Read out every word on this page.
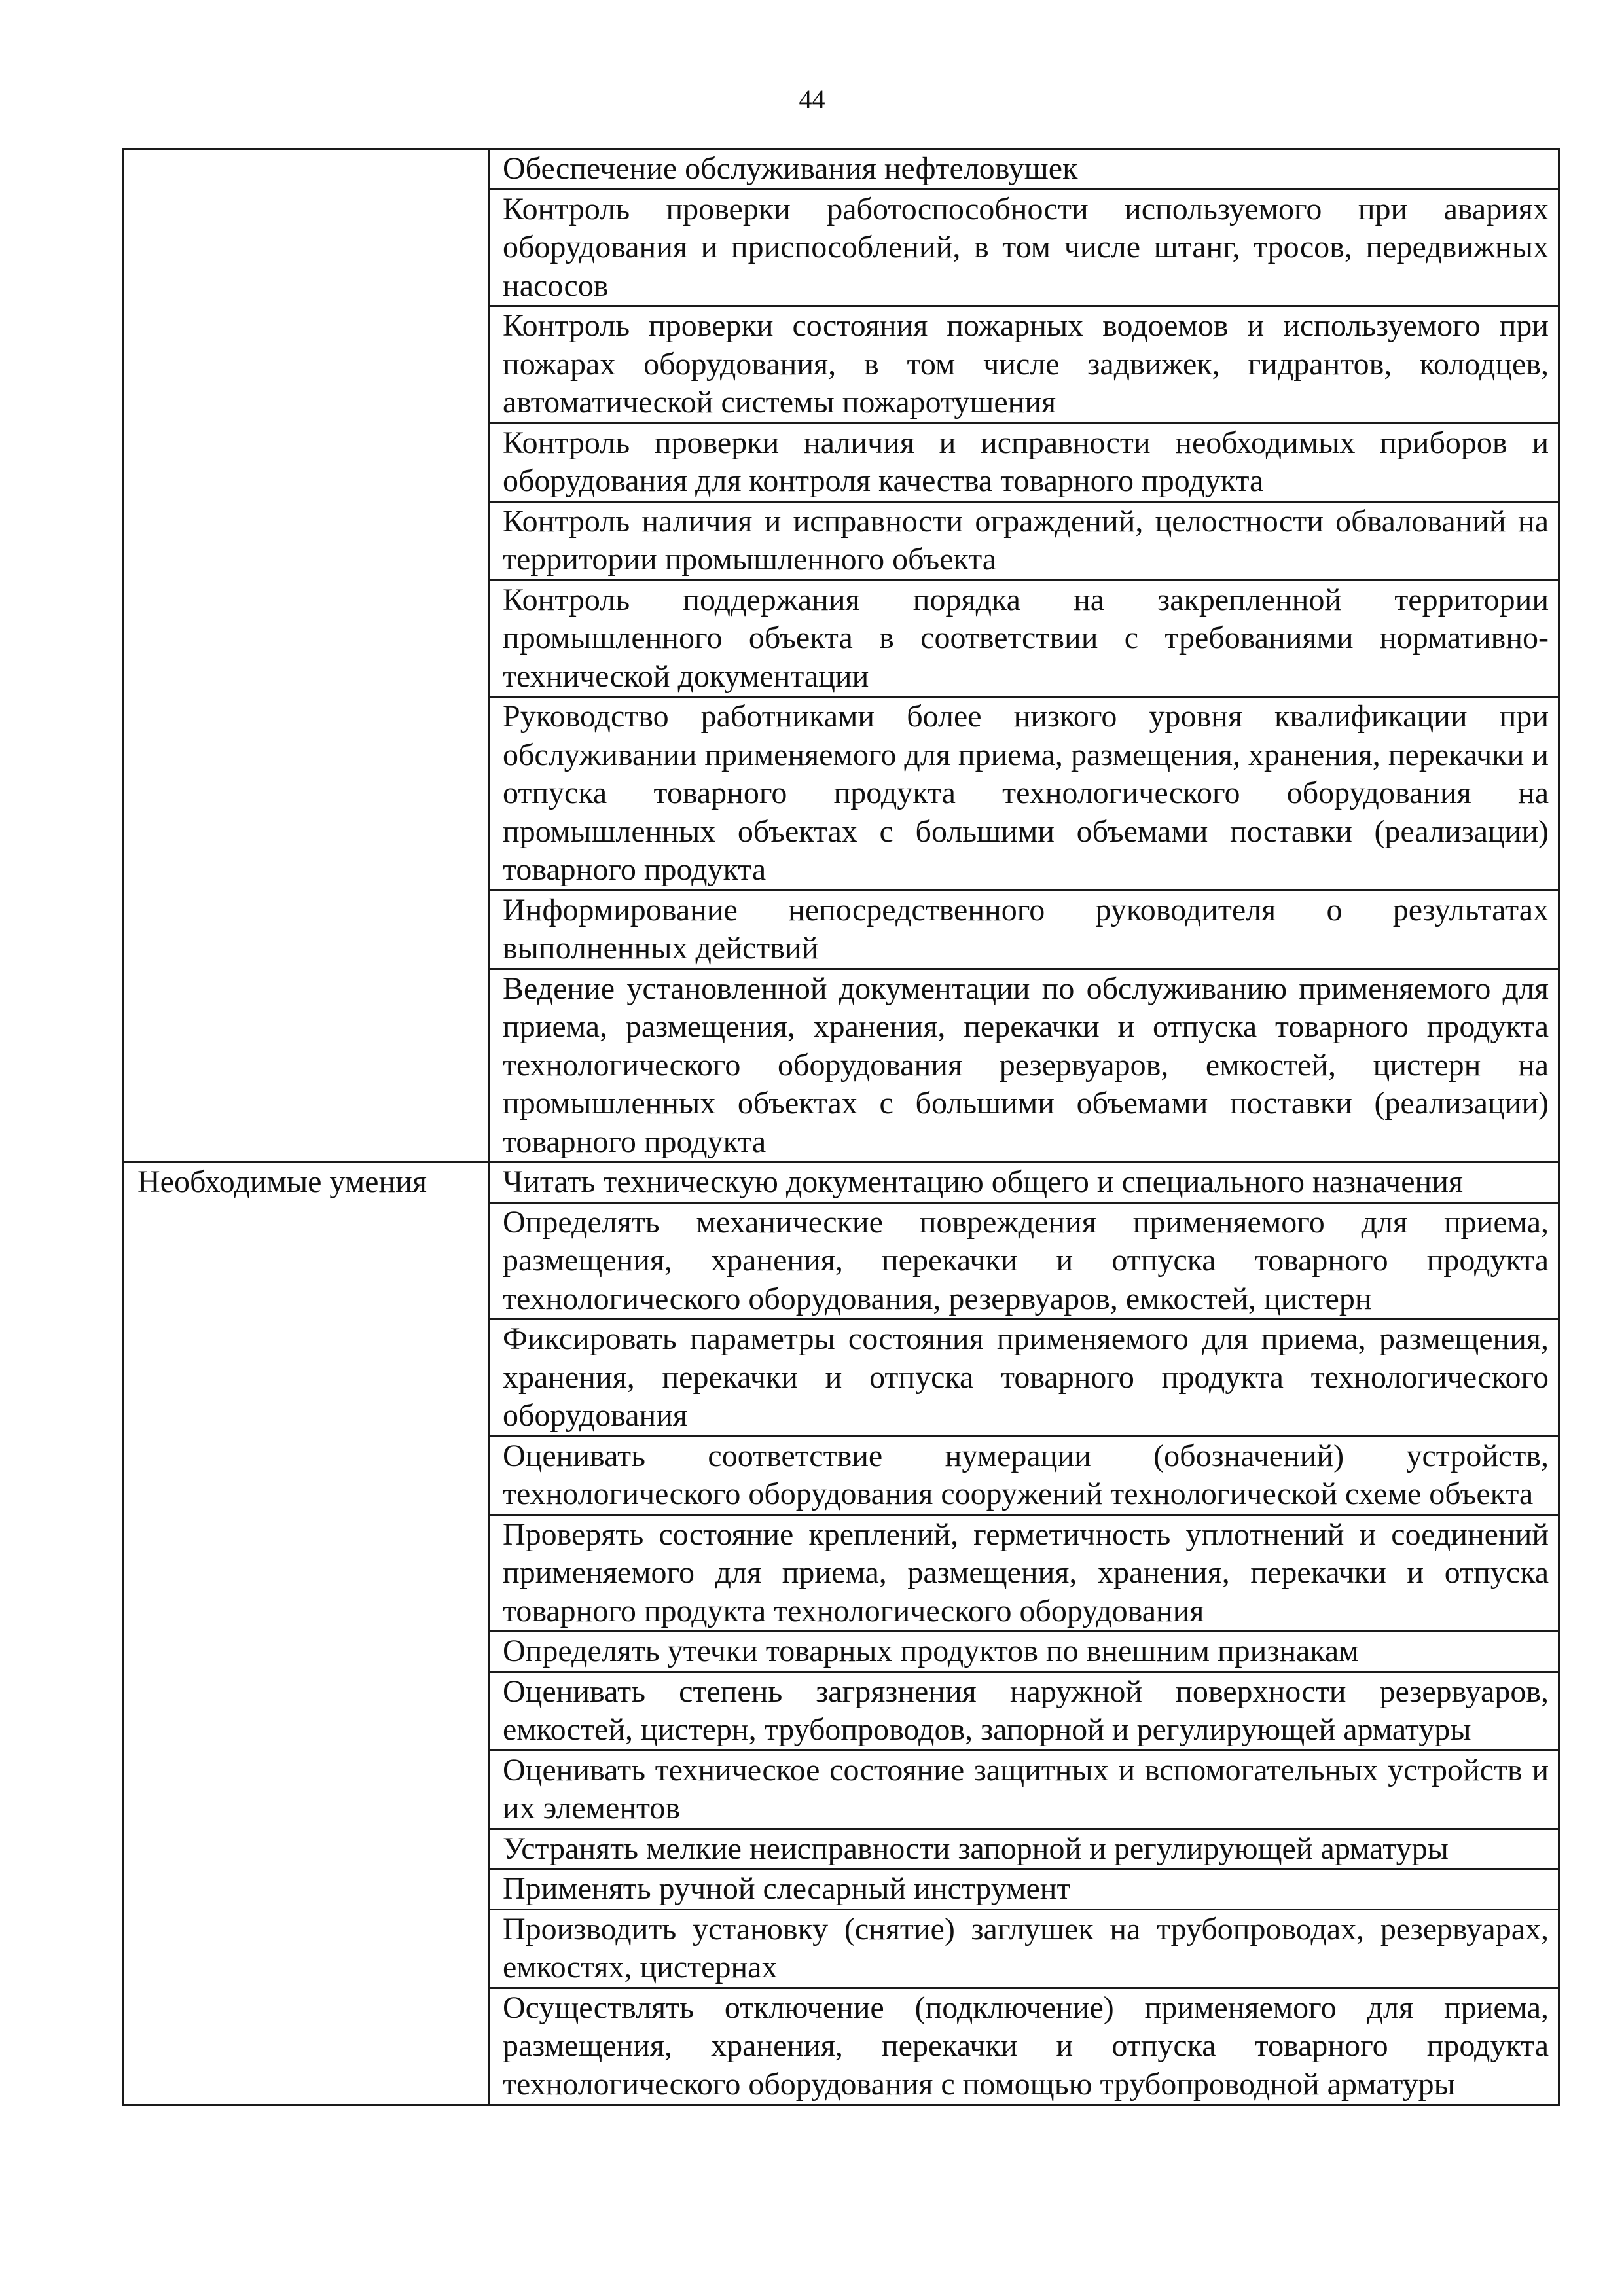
44
	Обеспечение обслуживания нефтеловушек
	Контроль проверки работоспособности используемого при авариях оборудования и приспособлений, в том числе штанг, тросов, передвижных насосов
	Контроль проверки состояния пожарных водоемов и используемого при пожарах оборудования, в том числе задвижек, гидрантов, колодцев, автоматической системы пожаротушения
	Контроль проверки наличия и исправности необходимых приборов и оборудования для контроля качества товарного продукта
	Контроль наличия и исправности ограждений, целостности обвалований на территории промышленного объекта
	Контроль поддержания порядка на закрепленной территории промышленного объекта в соответствии с требованиями нормативно-технической документации
	Руководство работниками более низкого уровня квалификации при обслуживании применяемого для приема, размещения, хранения, перекачки и отпуска товарного продукта технологического оборудования на промышленных объектах с большими объемами поставки (реализации) товарного продукта
	Информирование непосредственного руководителя о результатах выполненных действий
	Ведение установленной документации по обслуживанию применяемого для приема, размещения, хранения, перекачки и отпуска товарного продукта технологического оборудования резервуаров, емкостей, цистерн на промышленных объектах с большими объемами поставки (реализации) товарного продукта
Необходимые умения	Читать техническую документацию общего и специального назначения
	Определять механические повреждения применяемого для приема, размещения, хранения, перекачки и отпуска товарного продукта технологического оборудования, резервуаров, емкостей, цистерн
	Фиксировать параметры состояния применяемого для приема, размещения, хранения, перекачки и отпуска товарного продукта технологического оборудования
	Оценивать соответствие нумерации (обозначений) устройств, технологического оборудования сооружений технологической схеме объекта
	Проверять состояние креплений, герметичность уплотнений и соединений применяемого для приема, размещения, хранения, перекачки и отпуска товарного продукта технологического оборудования
	Определять утечки товарных продуктов по внешним признакам
	Оценивать степень загрязнения наружной поверхности резервуаров, емкостей, цистерн, трубопроводов, запорной и регулирующей арматуры
	Оценивать техническое состояние защитных и вспомогательных устройств и их элементов
	Устранять мелкие неисправности запорной и регулирующей арматуры
	Применять ручной слесарный инструмент
	Производить установку (снятие) заглушек на трубопроводах, резервуарах, емкостях, цистернах
	Осуществлять отключение (подключение) применяемого для приема, размещения, хранения, перекачки и отпуска товарного продукта технологического оборудования с помощью трубопроводной арматуры
